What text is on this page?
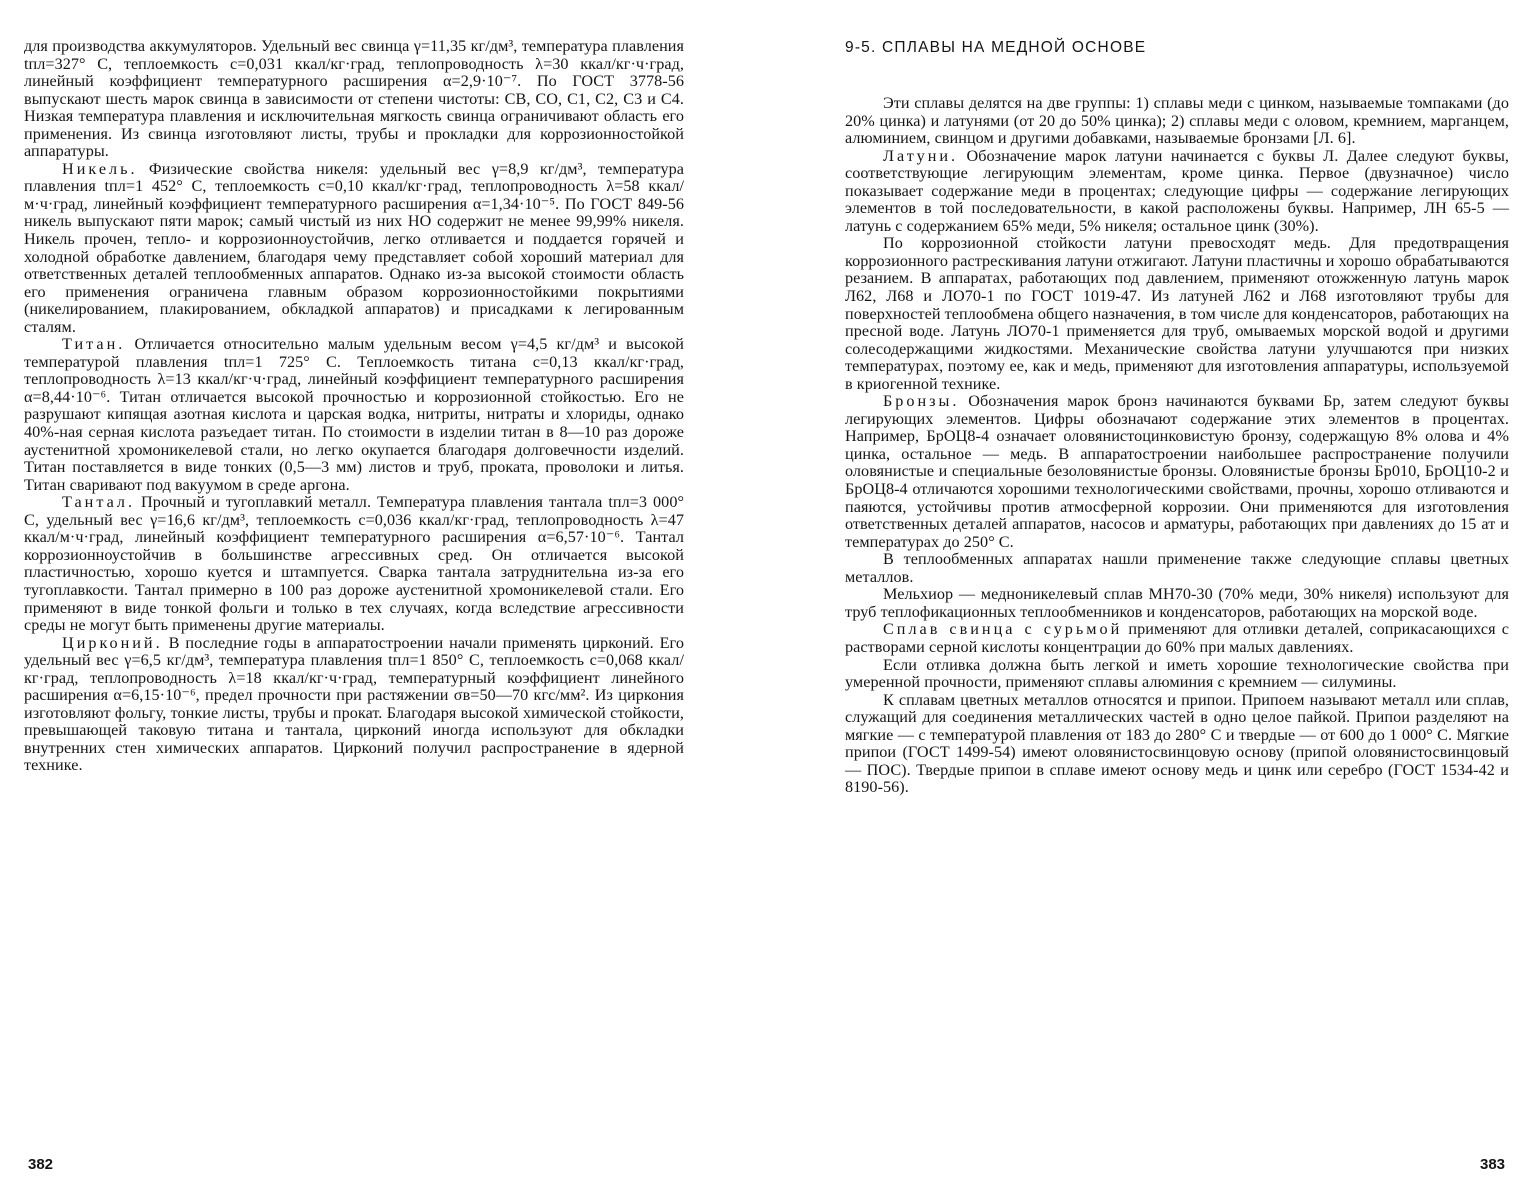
для производства аккумуляторов. Удельный вес свинца γ=11,35 кг/дм³, температура плавления tпл=327° С, теплоемкость с=0,031 ккал/кг·град, теплопроводность λ=30 ккал/кг·ч·град, линейный коэффициент температурного расширения α=2,9·10⁻⁷. По ГОСТ 3778-56 выпускают шесть марок свинца в зависимости от степени чистоты: СВ, СО, С1, С2, С3 и С4. Низкая температура плавления и исключительная мягкость свинца ограничивают область его применения. Из свинца изготовляют листы, трубы и прокладки для коррозионностойкой аппаратуры.

Никель. Физические свойства никеля: удельный вес γ=8,9 кг/дм³, температура плавления tпл=1 452° С, теплоемкость с=0,10 ккал/кг·град, теплопроводность λ=58 ккал/м·ч·град, линейный коэффициент температурного расширения α=1,34·10⁻⁵. По ГОСТ 849-56 никель выпускают пяти марок; самый чистый из них НО содержит не менее 99,99% никеля. Никель прочен, тепло- и коррозионноустойчив, легко отливается и поддается горячей и холодной обработке давлением, благодаря чему представляет собой хороший материал для ответственных деталей теплообменных аппаратов. Однако из-за высокой стоимости область его применения ограничена главным образом коррозионностойкими покрытиями (никелированием, плакированием, обкладкой аппаратов) и присадками к легированным сталям.

Титан. Отличается относительно малым удельным весом γ=4,5 кг/дм³ и высокой температурой плавления tпл=1 725° С. Теплоемкость титана с=0,13 ккал/кг·град, теплопроводность λ=13 ккал/кг·ч·град, линейный коэффициент температурного расширения α=8,44·10⁻⁶. Титан отличается высокой прочностью и коррозионной стойкостью. Его не разрушают кипящая азотная кислота и царская водка, нитриты, нитраты и хлориды, однако 40%-ная серная кислота разъедает титан. По стоимости в изделии титан в 8—10 раз дороже аустенитной хромоникелевой стали, но легко окупается благодаря долговечности изделий. Титан поставляется в виде тонких (0,5—3 мм) листов и труб, проката, проволоки и литья. Титан сваривают под вакуумом в среде аргона.

Тантал. Прочный и тугоплавкий металл. Температура плавления тантала tпл=3 000° С, удельный вес γ=16,6 кг/дм³, теплоемкость с=0,036 ккал/кг·град, теплопроводность λ=47 ккал/м·ч·град, линейный коэффициент температурного расширения α=6,57·10⁻⁶. Тантал коррозионноустойчив в большинстве агрессивных сред. Он отличается высокой пластичностью, хорошо куется и штампуется. Сварка тантала затруднительна из-за его тугоплавкости. Тантал примерно в 100 раз дороже аустенитной хромоникелевой стали. Его применяют в виде тонкой фольги и только в тех случаях, когда вследствие агрессивности среды не могут быть применены другие материалы.

Цирконий. В последние годы в аппаратостроении начали применять цирконий. Его удельный вес γ=6,5 кг/дм³, температура плавления tпл=1 850° С, теплоемкость с=0,068 ккал/кг·град, теплопроводность λ=18 ккал/кг·ч·град, температурный коэффициент линейного расширения α=6,15·10⁻⁶, предел прочности при растяжении σв=50—70 кгс/мм². Из циркония изготовляют фольгу, тонкие листы, трубы и прокат. Благодаря высокой химической стойкости, превышающей таковую титана и тантала, цирконий иногда используют для обкладки внутренних стен химических аппаратов. Цирконий получил распространение в ядерной технике.

382

9-5. СПЛАВЫ НА МЕДНОЙ ОСНОВЕ

Эти сплавы делятся на две группы: 1) сплавы меди с цинком, называемые томпаками (до 20% цинка) и латунями (от 20 до 50% цинка); 2) сплавы меди с оловом, кремнием, марганцем, алюминием, свинцом и другими добавками, называемые бронзами [Л. 6].

Латуни. Обозначение марок латуни начинается с буквы Л. Далее следуют буквы, соответствующие легирующим элементам, кроме цинка. Первое (двузначное) число показывает содержание меди в процентах; следующие цифры — содержание легирующих элементов в той последовательности, в какой расположены буквы. Например, ЛН 65-5 — латунь с содержанием 65% меди, 5% никеля; остальное цинк (30%).

По коррозионной стойкости латуни превосходят медь. Для предотвращения коррозионного растрескивания латуни отжигают. Латуни пластичны и хорошо обрабатываются резанием. В аппаратах, работающих под давлением, применяют отожженную латунь марок Л62, Л68 и ЛО70-1 по ГОСТ 1019-47. Из латуней Л62 и Л68 изготовляют трубы для поверхностей теплообмена общего назначения, в том числе для конденсаторов, работающих на пресной воде. Латунь ЛО70-1 применяется для труб, омываемых морской водой и другими солесодержащими жидкостями. Механические свойства латуни улучшаются при низких температурах, поэтому ее, как и медь, применяют для изготовления аппаратуры, используемой в криогенной технике.

Бронзы. Обозначения марок бронз начинаются буквами Бр, затем следуют буквы легирующих элементов. Цифры обозначают содержание этих элементов в процентах. Например, БрОЦ8-4 означает оловянистоцинковистую бронзу, содержащую 8% олова и 4% цинка, остальное — медь. В аппаратостроении наибольшее распространение получили оловянистые и специальные безоловянистые бронзы. Оловянистые бронзы Бр010, БрОЦ10-2 и БрОЦ8-4 отличаются хорошими технологическими свойствами, прочны, хорошо отливаются и паяются, устойчивы против атмосферной коррозии. Они применяются для изготовления ответственных деталей аппаратов, насосов и арматуры, работающих при давлениях до 15 ат и температурах до 250° С.

В теплообменных аппаратах нашли применение также следующие сплавы цветных металлов.

Мельхиор — медноникелевый сплав МН70-30 (70% меди, 30% никеля) используют для труб теплофикационных теплообменников и конденсаторов, работающих на морской воде.

Сплав свинца с сурьмой применяют для отливки деталей, соприкасающихся с растворами серной кислоты концентрации до 60% при малых давлениях.

Если отливка должна быть легкой и иметь хорошие технологические свойства при умеренной прочности, применяют сплавы алюминия с кремнием — силумины.

К сплавам цветных металлов относятся и припои. Припоем называют металл или сплав, служащий для соединения металлических частей в одно целое пайкой. Припои разделяют на мягкие — с температурой плавления от 183 до 280° С и твердые — от 600 до 1 000° С. Мягкие припои (ГОСТ 1499-54) имеют оловянистосвинцовую основу (припой оловянистосвинцовый — ПОС). Твердые припои в сплаве имеют основу медь и цинк или серебро (ГОСТ 1534-42 и 8190-56).

383
